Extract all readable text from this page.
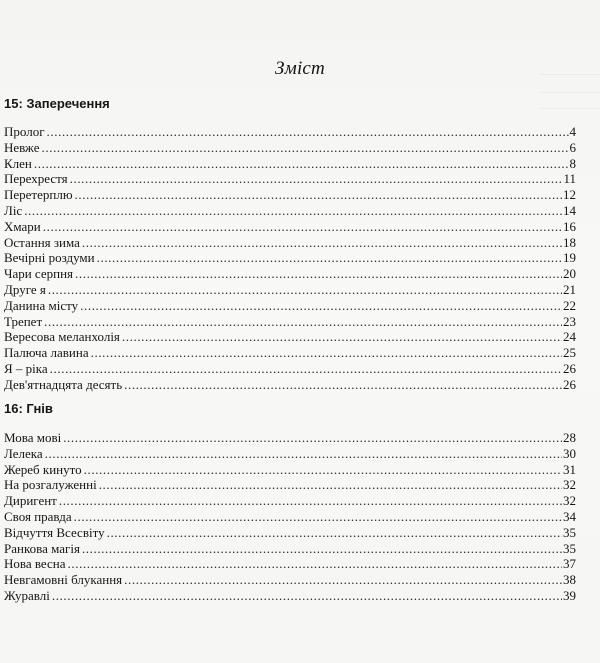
Зміст
15: Заперечення
Пролог .....	4
Невже .....	6
Клен .....	8
Перехрестя .....	11
Перетерплю .....	12
Ліс .....	14
Хмари .....	16
Остання зима .....	18
Вечірні роздуми .....	19
Чари серпня .....	20
Друге я .....	21
Данина місту .....	22
Трепет .....	23
Вересова меланхолія .....	24
Палюча лавина .....	25
Я – ріка .....	26
Дев'ятнадцята десять .....	26
16: Гнів
Мова мові .....	28
Лелека .....	30
Жереб кинуто .....	31
На розгалуженні .....	32
Диригент .....	32
Своя правда .....	34
Відчуття Всесвіту .....	35
Ранкова магія .....	35
Нова весна .....	37
Невгамовні блукання .....	38
Журавлі .....	39
